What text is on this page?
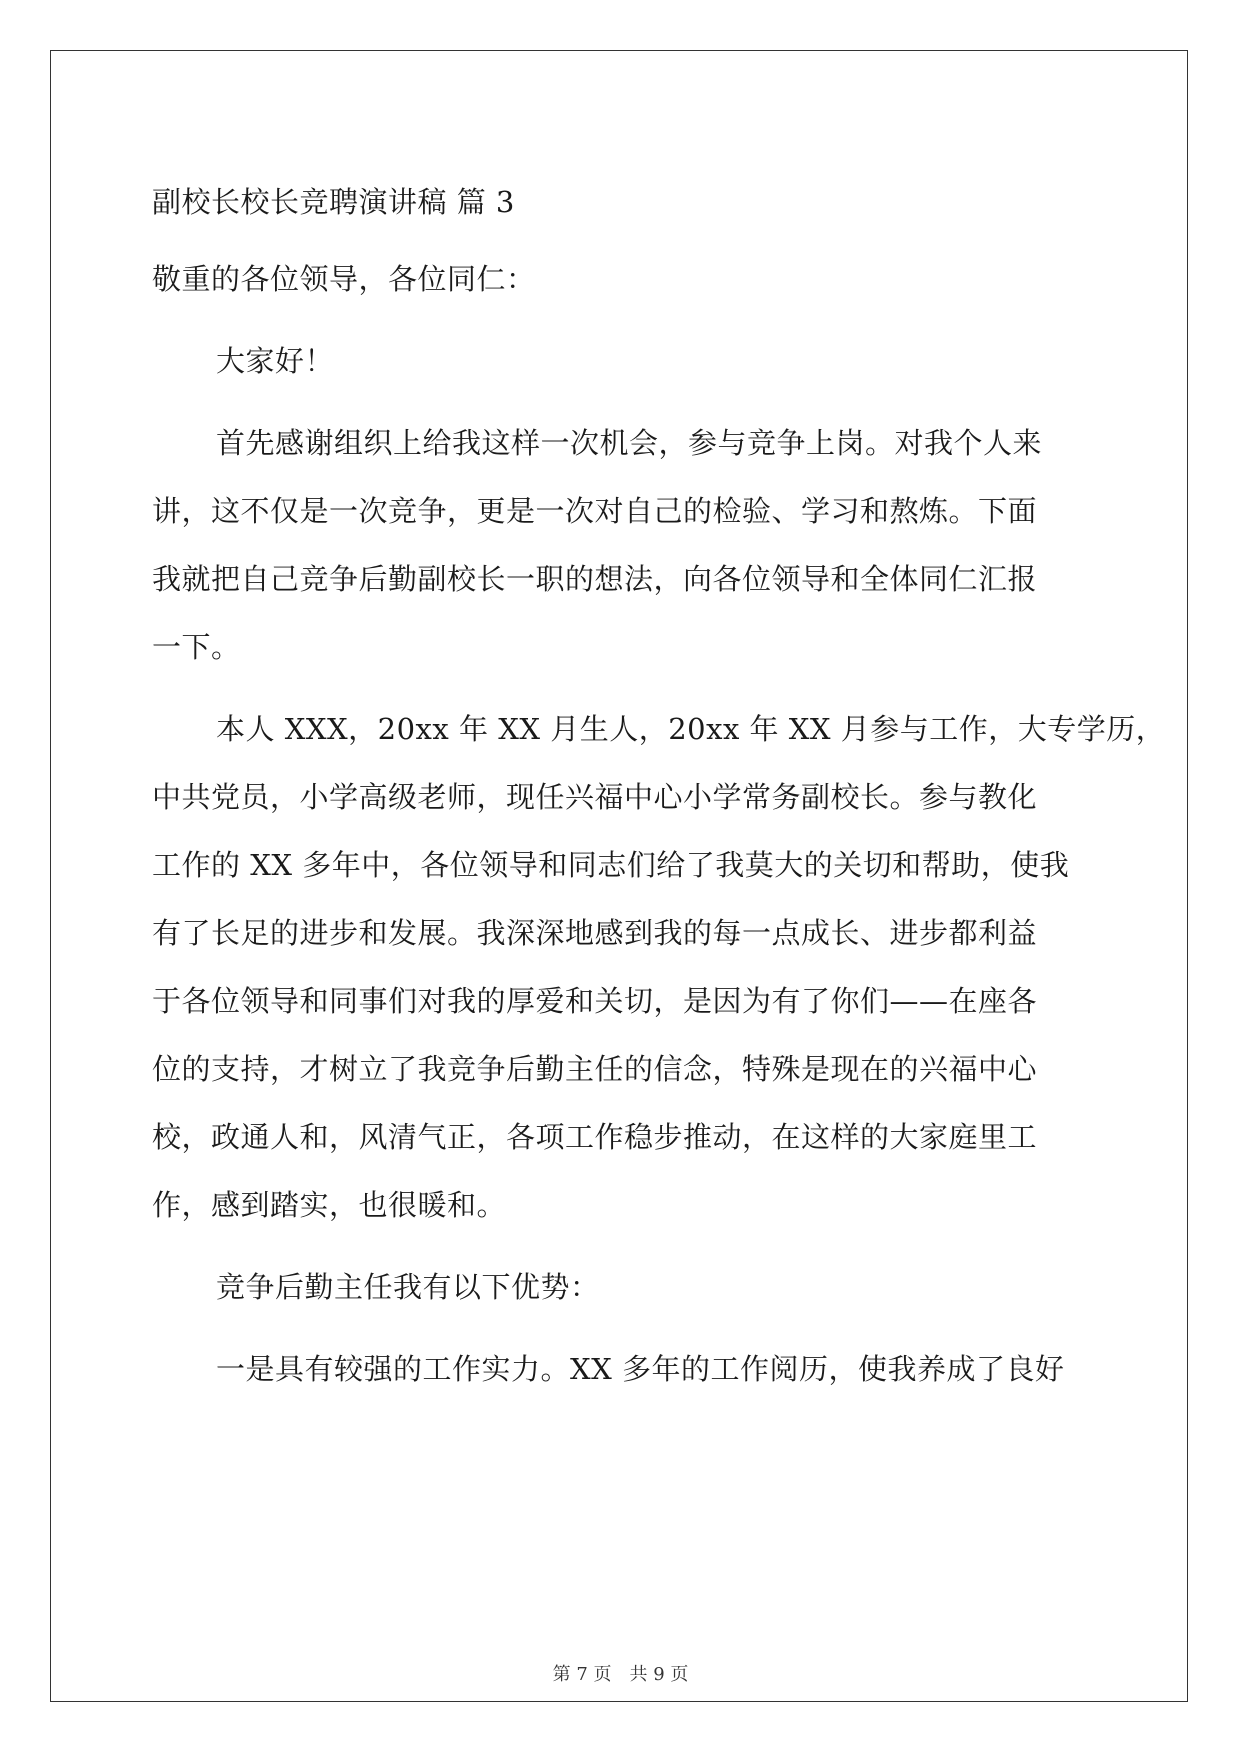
副校长校长竞聘演讲稿 篇 3
敬重的各位领导，各位同仁：
大家好！
首先感谢组织上给我这样一次机会，参与竞争上岗。对我个人来
讲，这不仅是一次竞争，更是一次对自己的检验、学习和熬炼。下面
我就把自己竞争后勤副校长一职的想法，向各位领导和全体同仁汇报
一下。
本人 XXX，20xx 年 XX 月生人，20xx 年 XX 月参与工作，大专学历，
中共党员，小学高级老师，现任兴福中心小学常务副校长。参与教化
工作的 XX 多年中，各位领导和同志们给了我莫大的关切和帮助，使我
有了长足的进步和发展。我深深地感到我的每一点成长、进步都利益
于各位领导和同事们对我的厚爱和关切，是因为有了你们——在座各
位的支持，才树立了我竞争后勤主任的信念，特殊是现在的兴福中心
校，政通人和，风清气正，各项工作稳步推动，在这样的大家庭里工
作，感到踏实，也很暖和。
竞争后勤主任我有以下优势：
一是具有较强的工作实力。XX 多年的工作阅历，使我养成了良好
第 7 页 共 9 页
